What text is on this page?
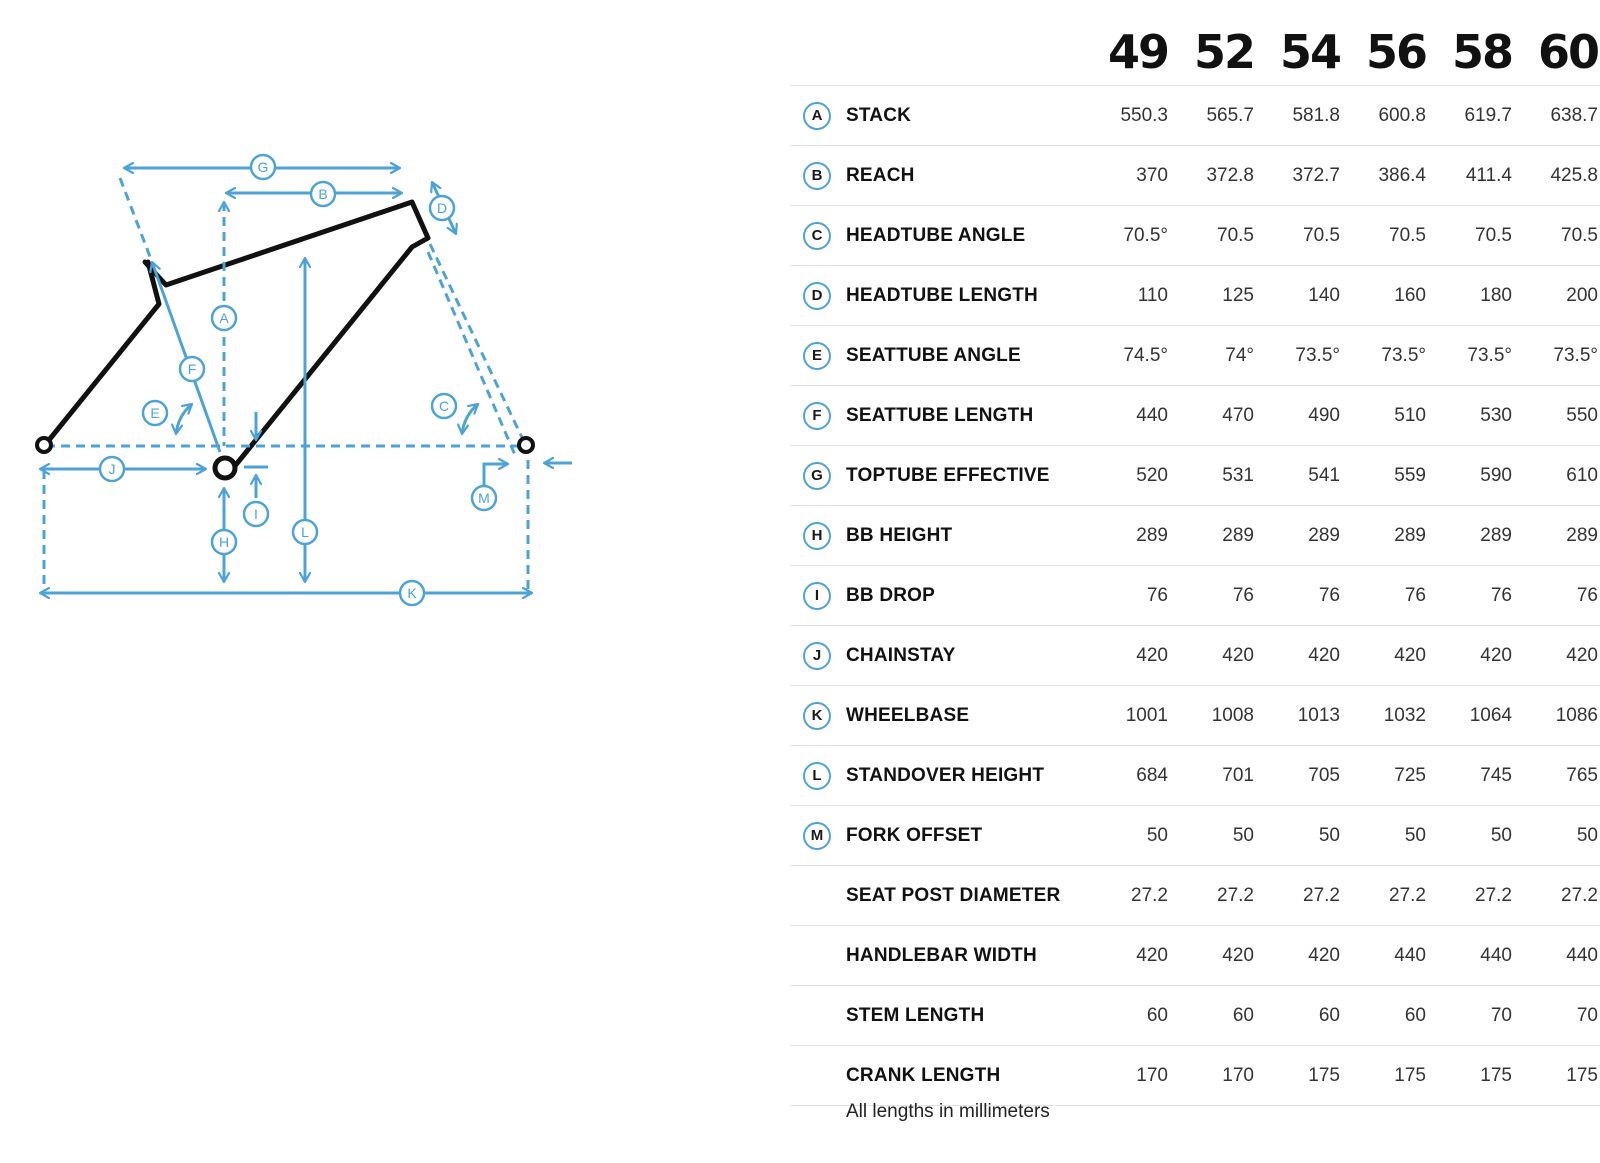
A
B
C
D
E
F
G
H
I
J
K
L
M
		49	52	54	56	58	60
A	STACK	550.3	565.7	581.8	600.8	619.7	638.7
B	REACH	370	372.8	372.7	386.4	411.4	425.8
C	HEADTUBE ANGLE	70.5°	70.5	70.5	70.5	70.5	70.5
D	HEADTUBE LENGTH	110	125	140	160	180	200
E	SEATTUBE ANGLE	74.5°	74°	73.5°	73.5°	73.5°	73.5°
F	SEATTUBE LENGTH	440	470	490	510	530	550
G	TOPTUBE EFFECTIVE	520	531	541	559	590	610
H	BB HEIGHT	289	289	289	289	289	289
I	BB DROP	76	76	76	76	76	76
J	CHAINSTAY	420	420	420	420	420	420
K	WHEELBASE	1001	1008	1013	1032	1064	1086
L	STANDOVER HEIGHT	684	701	705	725	745	765
M	FORK OFFSET	50	50	50	50	50	50
	SEAT POST DIAMETER	27.2	27.2	27.2	27.2	27.2	27.2
	HANDLEBAR WIDTH	420	420	420	440	440	440
	STEM LENGTH	60	60	60	60	70	70
	CRANK LENGTH	170	170	175	175	175	175
All lengths in millimeters
